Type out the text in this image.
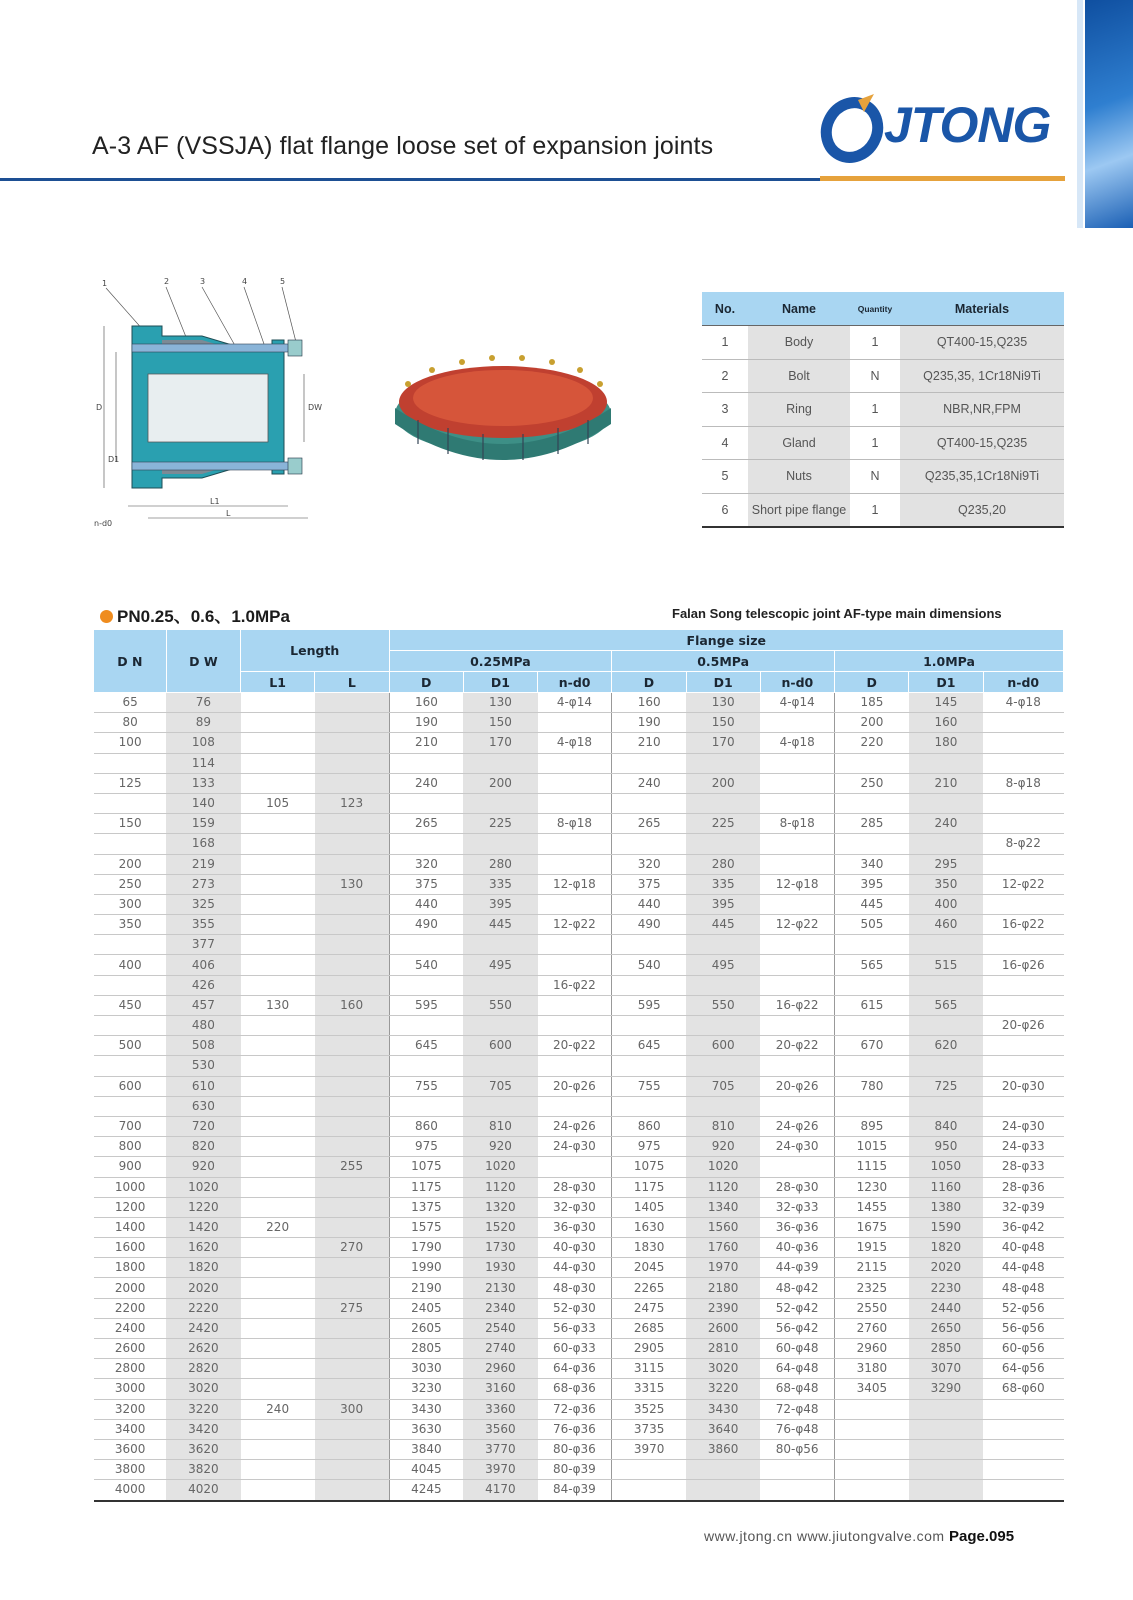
A-3 AF (VSSJA) flat flange loose set of expansion joints	JTONG
1	2	3	4	5
D
D1
DW
L1
L
n-d0
No.	Name	Quantity	Materials
1	Body	1	QT400-15,Q235
2	Bolt	N	Q235,35, 1Cr18Ni9Ti
3	Ring	1	NBR,NR,FPM
4	Gland	1	QT400-15,Q235
5	Nuts	N	Q235,35,1Cr18Ni9Ti
6	Short pipe flange	1	Q235,20
PN0.25、0.6、1.0MPa	Falan Song telescopic joint AF-type main dimensions
D N	D W	Length		Flange size								
				0.25MPa			0.5MPa			1.0MPa		
		L1	L	D	D1	n-d0	D	D1	n-d0	D	D1	n-d0
65	76			160	130	4-φ14	160	130	4-φ14	185	145	4-φ18
80	89			190	150		190	150		200	160	
100	108			210	170	4-φ18	210	170	4-φ18	220	180	
	114											
125	133			240	200		240	200		250	210	8-φ18
	140	105	123									
150	159			265	225	8-φ18	265	225	8-φ18	285	240	
	168											8-φ22
200	219			320	280		320	280		340	295	
250	273		130	375	335	12-φ18	375	335	12-φ18	395	350	12-φ22
300	325			440	395		440	395		445	400	
350	355			490	445	12-φ22	490	445	12-φ22	505	460	16-φ22
	377											
400	406			540	495		540	495		565	515	16-φ26
	426					16-φ22						
450	457	130	160	595	550		595	550	16-φ22	615	565	
	480											20-φ26
500	508			645	600	20-φ22	645	600	20-φ22	670	620	
	530											
600	610			755	705	20-φ26	755	705	20-φ26	780	725	20-φ30
	630											
700	720			860	810	24-φ26	860	810	24-φ26	895	840	24-φ30
800	820			975	920	24-φ30	975	920	24-φ30	1015	950	24-φ33
900	920		255	1075	1020		1075	1020		1115	1050	28-φ33
1000	1020			1175	1120	28-φ30	1175	1120	28-φ30	1230	1160	28-φ36
1200	1220			1375	1320	32-φ30	1405	1340	32-φ33	1455	1380	32-φ39
1400	1420	220		1575	1520	36-φ30	1630	1560	36-φ36	1675	1590	36-φ42
1600	1620		270	1790	1730	40-φ30	1830	1760	40-φ36	1915	1820	40-φ48
1800	1820			1990	1930	44-φ30	2045	1970	44-φ39	2115	2020	44-φ48
2000	2020			2190	2130	48-φ30	2265	2180	48-φ42	2325	2230	48-φ48
2200	2220		275	2405	2340	52-φ30	2475	2390	52-φ42	2550	2440	52-φ56
2400	2420			2605	2540	56-φ33	2685	2600	56-φ42	2760	2650	56-φ56
2600	2620			2805	2740	60-φ33	2905	2810	60-φ48	2960	2850	60-φ56
2800	2820			3030	2960	64-φ36	3115	3020	64-φ48	3180	3070	64-φ56
3000	3020			3230	3160	68-φ36	3315	3220	68-φ48	3405	3290	68-φ60
3200	3220	240	300	3430	3360	72-φ36	3525	3430	72-φ48			
3400	3420			3630	3560	76-φ36	3735	3640	76-φ48			
3600	3620			3840	3770	80-φ36	3970	3860	80-φ56			
3800	3820			4045	3970	80-φ39						
4000	4020			4245	4170	84-φ39						
www.jtong.cn www.jiutongvalve.com Page.095
